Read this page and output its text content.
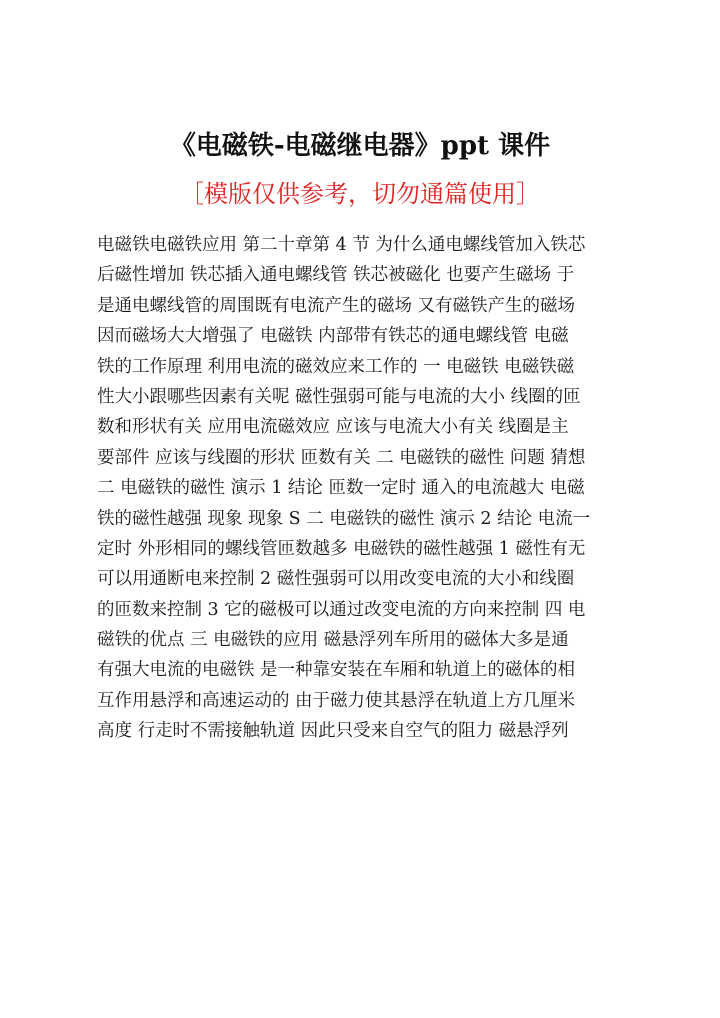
《电磁铁-电磁继电器》ppt 课件
［模版仅供参考，切勿通篇使用］
电磁铁电磁铁应用 第二十章第 4 节 为什么通电螺线管加入铁芯
后磁性增加 铁芯插入通电螺线管 铁芯被磁化 也要产生磁场 于
是通电螺线管的周围既有电流产生的磁场 又有磁铁产生的磁场
因而磁场大大增强了 电磁铁 内部带有铁芯的通电螺线管 电磁
铁的工作原理 利用电流的磁效应来工作的 一 电磁铁 电磁铁磁
性大小跟哪些因素有关呢 磁性强弱可能与电流的大小 线圈的匝
数和形状有关 应用电流磁效应 应该与电流大小有关 线圈是主
要部件 应该与线圈的形状 匝数有关 二 电磁铁的磁性 问题 猜想
二 电磁铁的磁性 演示 1 结论 匝数一定时 通入的电流越大 电磁
铁的磁性越强 现象 现象 S 二 电磁铁的磁性 演示 2 结论 电流一
定时 外形相同的螺线管匝数越多 电磁铁的磁性越强 1 磁性有无
可以用通断电来控制 2 磁性强弱可以用改变电流的大小和线圈
的匝数来控制 3 它的磁极可以通过改变电流的方向来控制 四 电
磁铁的优点 三 电磁铁的应用 磁悬浮列车所用的磁体大多是通
有强大电流的电磁铁 是一种靠安装在车厢和轨道上的磁体的相
互作用悬浮和高速运动的 由于磁力使其悬浮在轨道上方几厘米
高度 行走时不需接触轨道 因此只受来自空气的阻力 磁悬浮列
